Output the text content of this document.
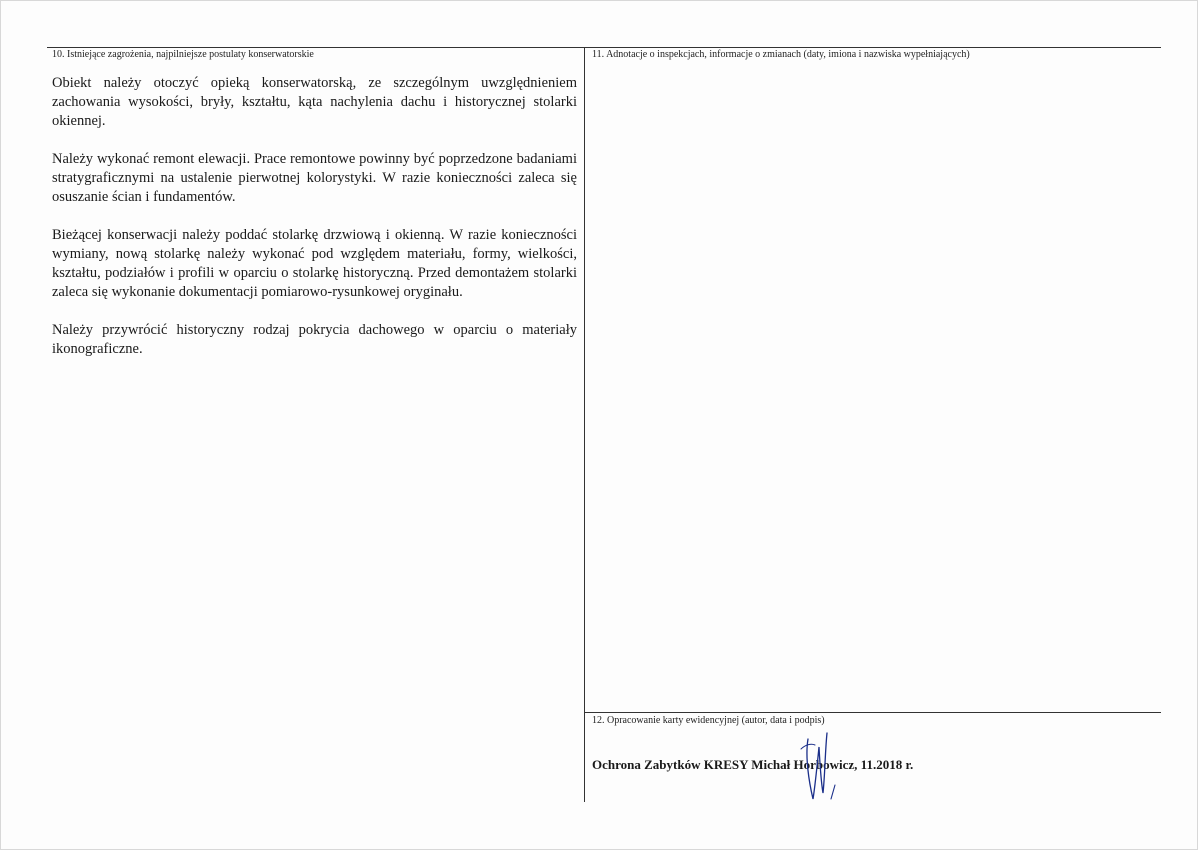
10. Istniejące zagrożenia, najpilniejsze postulaty konserwatorskie

Obiekt należy otoczyć opieką konserwatorską, ze szczególnym uwzględnieniem zachowania wysokości, bryły, kształtu, kąta nachylenia dachu i historycznej stolarki okiennej.

Należy wykonać remont elewacji. Prace remontowe powinny być poprzedzone badaniami stratygraficznymi na ustalenie pierwotnej kolorystyki. W razie konieczności zaleca się osuszanie ścian i fundamentów.

Bieżącej konserwacji należy poddać stolarkę drzwiową i okienną. W razie konieczności wymiany, nową stolarkę należy wykonać pod względem materiału, formy, wielkości, kształtu, podziałów i profili w oparciu o stolarkę historyczną. Przed demontażem stolarki zaleca się wykonanie dokumentacji pomiarowo-rysunkowej oryginału.

Należy przywrócić historyczny rodzaj pokrycia dachowego w oparciu o materiały ikonograficzne.

11. Adnotacje o inspekcjach, informacje o zmianach (daty, imiona i nazwiska wypełniających)
12. Opracowanie karty ewidencyjnej (autor, data i podpis)
Ochrona Zabytków KRESY Michał Horbowicz, 11.2018 r.
